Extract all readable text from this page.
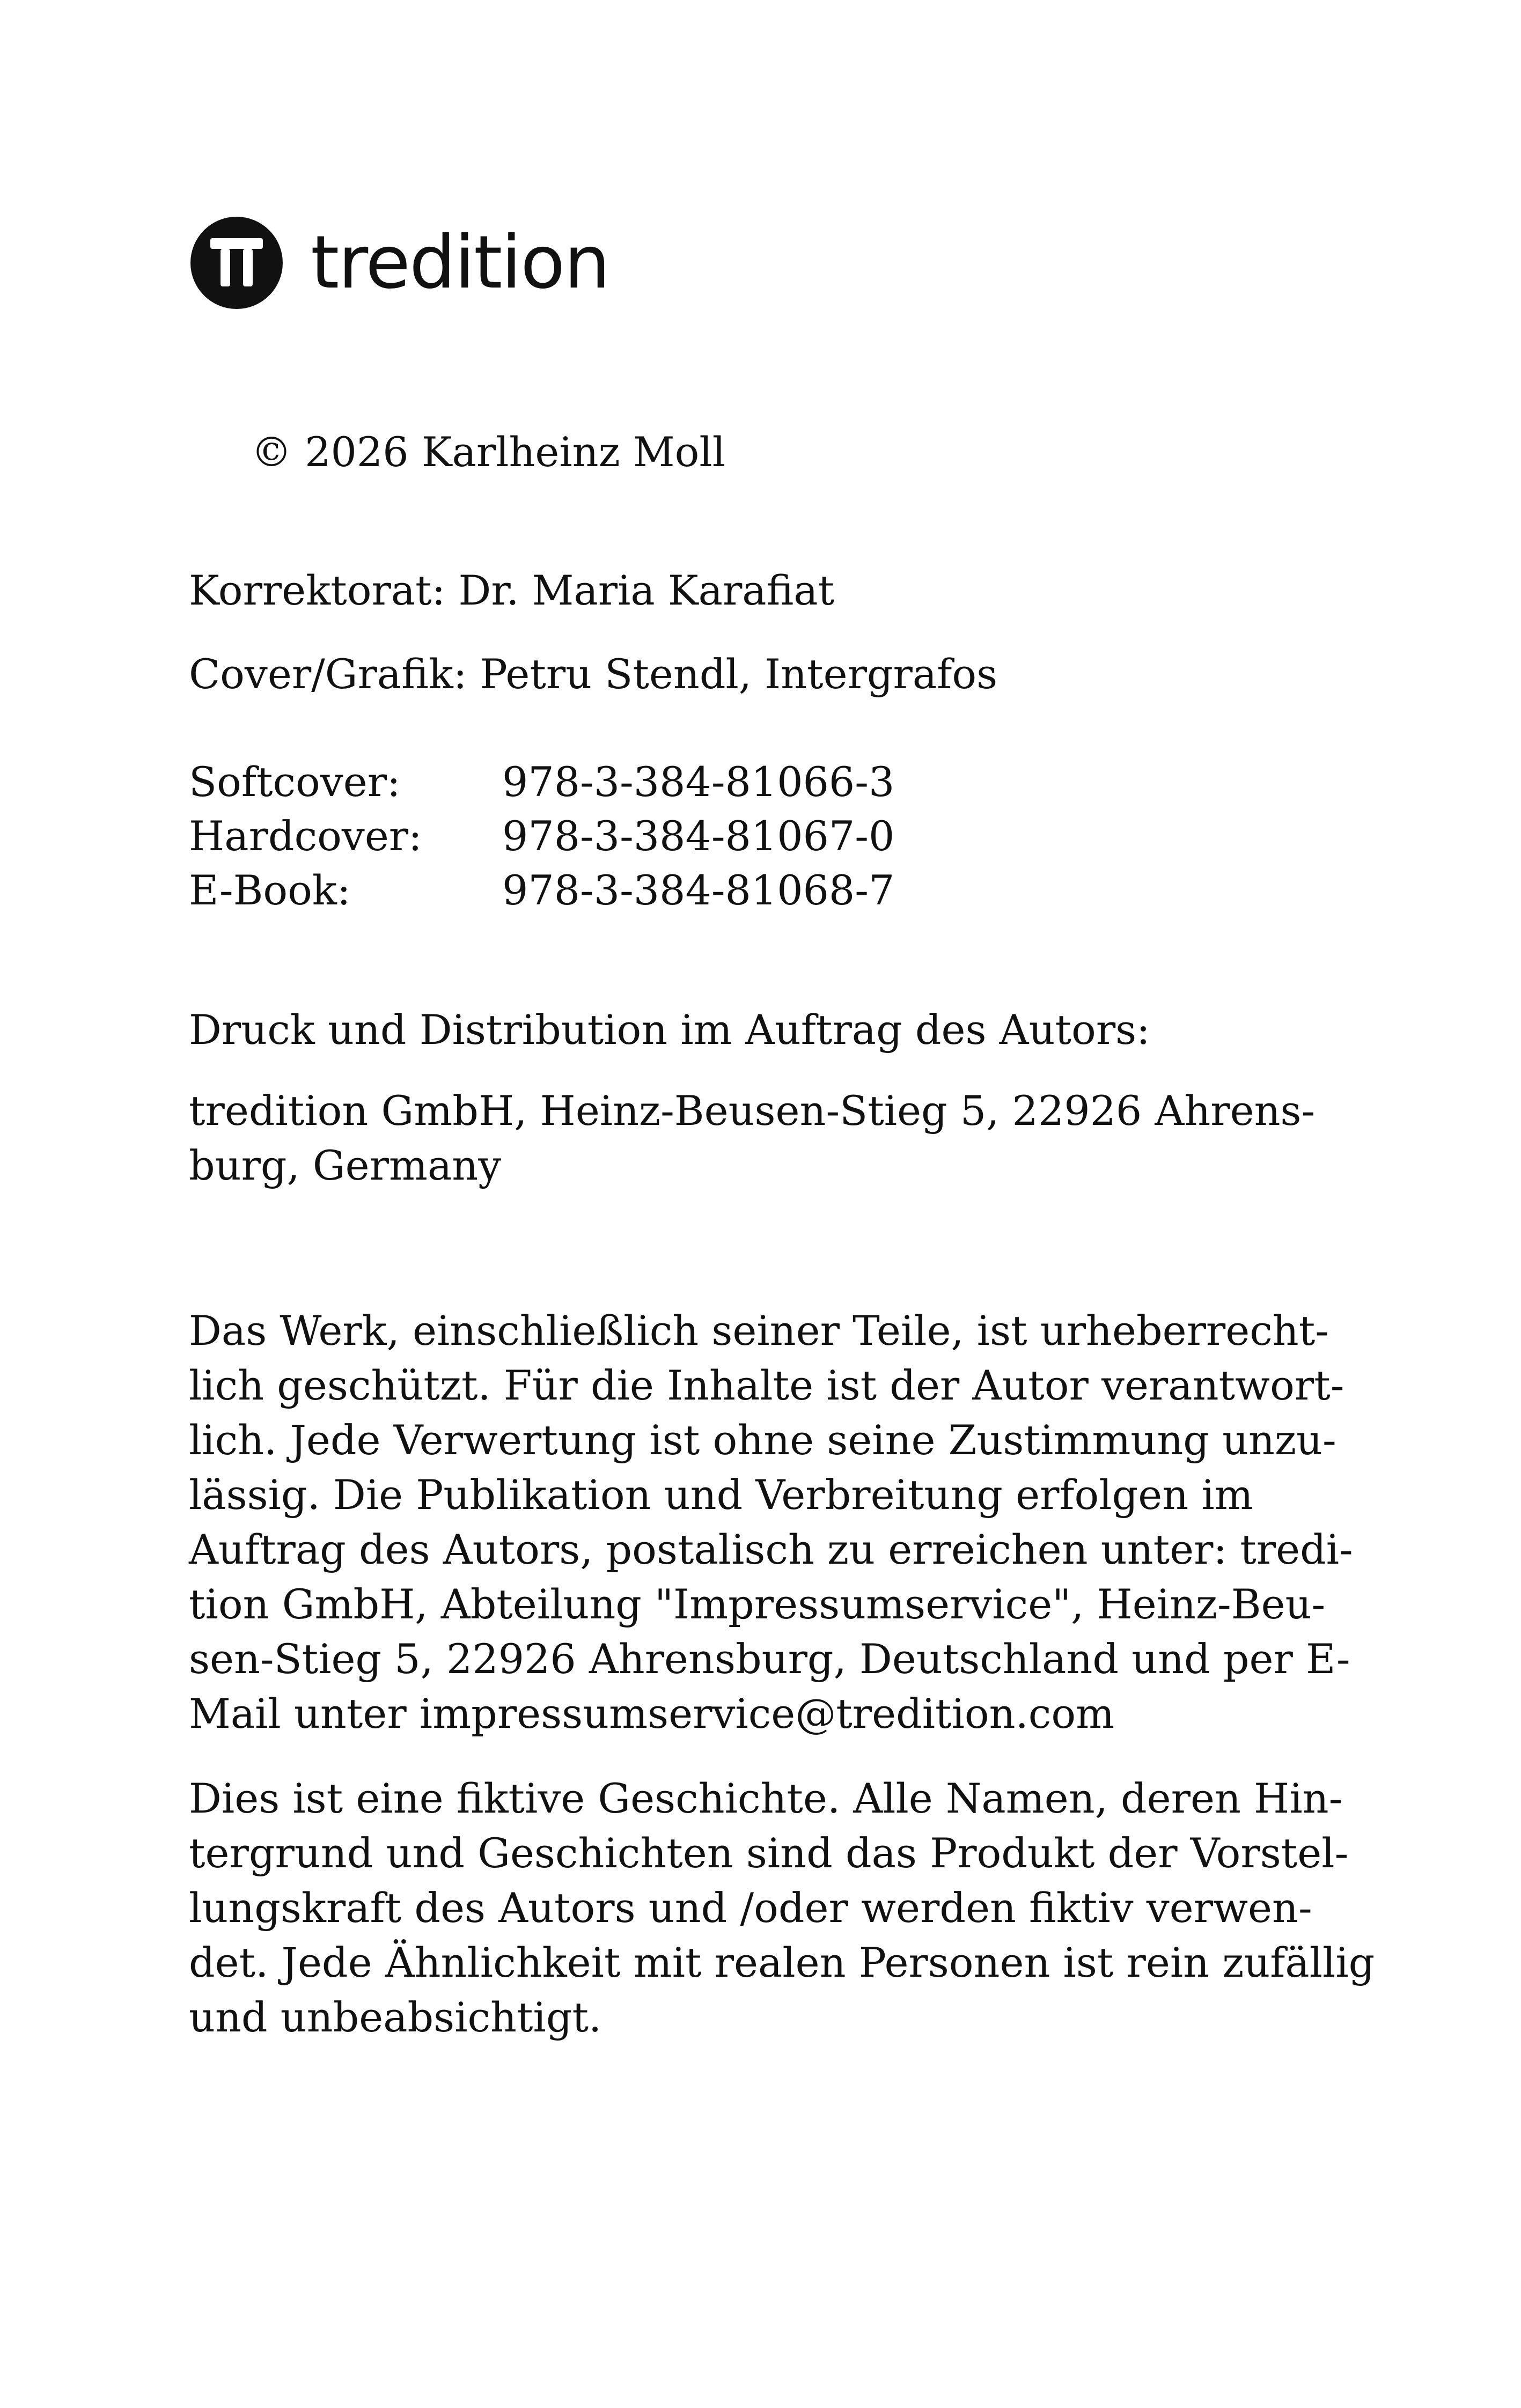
tredition
© 2026 Karlheinz Moll
Korrektorat: Dr. Maria Karafiat
Cover/Grafik: Petru Stendl, Intergrafos
Softcover:	978-3-384-81066-3
Hardcover:	978-3-384-81067-0
E-Book:	978-3-384-81068-7
Druck und Distribution im Auftrag des Autors:
tredition GmbH, Heinz-Beusen-Stieg 5, 22926 Ahrens-
burg, Germany
Das Werk, einschließlich seiner Teile, ist urheberrecht-
lich geschützt. Für die Inhalte ist der Autor verantwort-
lich. Jede Verwertung ist ohne seine Zustimmung unzu-
lässig. Die Publikation und Verbreitung erfolgen im
Auftrag des Autors, postalisch zu erreichen unter: tredi-
tion GmbH, Abteilung "Impressumservice", Heinz-Beu-
sen-Stieg 5, 22926 Ahrensburg, Deutschland und per E-
Mail unter impressumservice@tredition.com
Dies ist eine fiktive Geschichte. Alle Namen, deren Hin-
tergrund und Geschichten sind das Produkt der Vorstel-
lungskraft des Autors und /oder werden fiktiv verwen-
det. Jede Ähnlichkeit mit realen Personen ist rein zufällig
und unbeabsichtigt.
